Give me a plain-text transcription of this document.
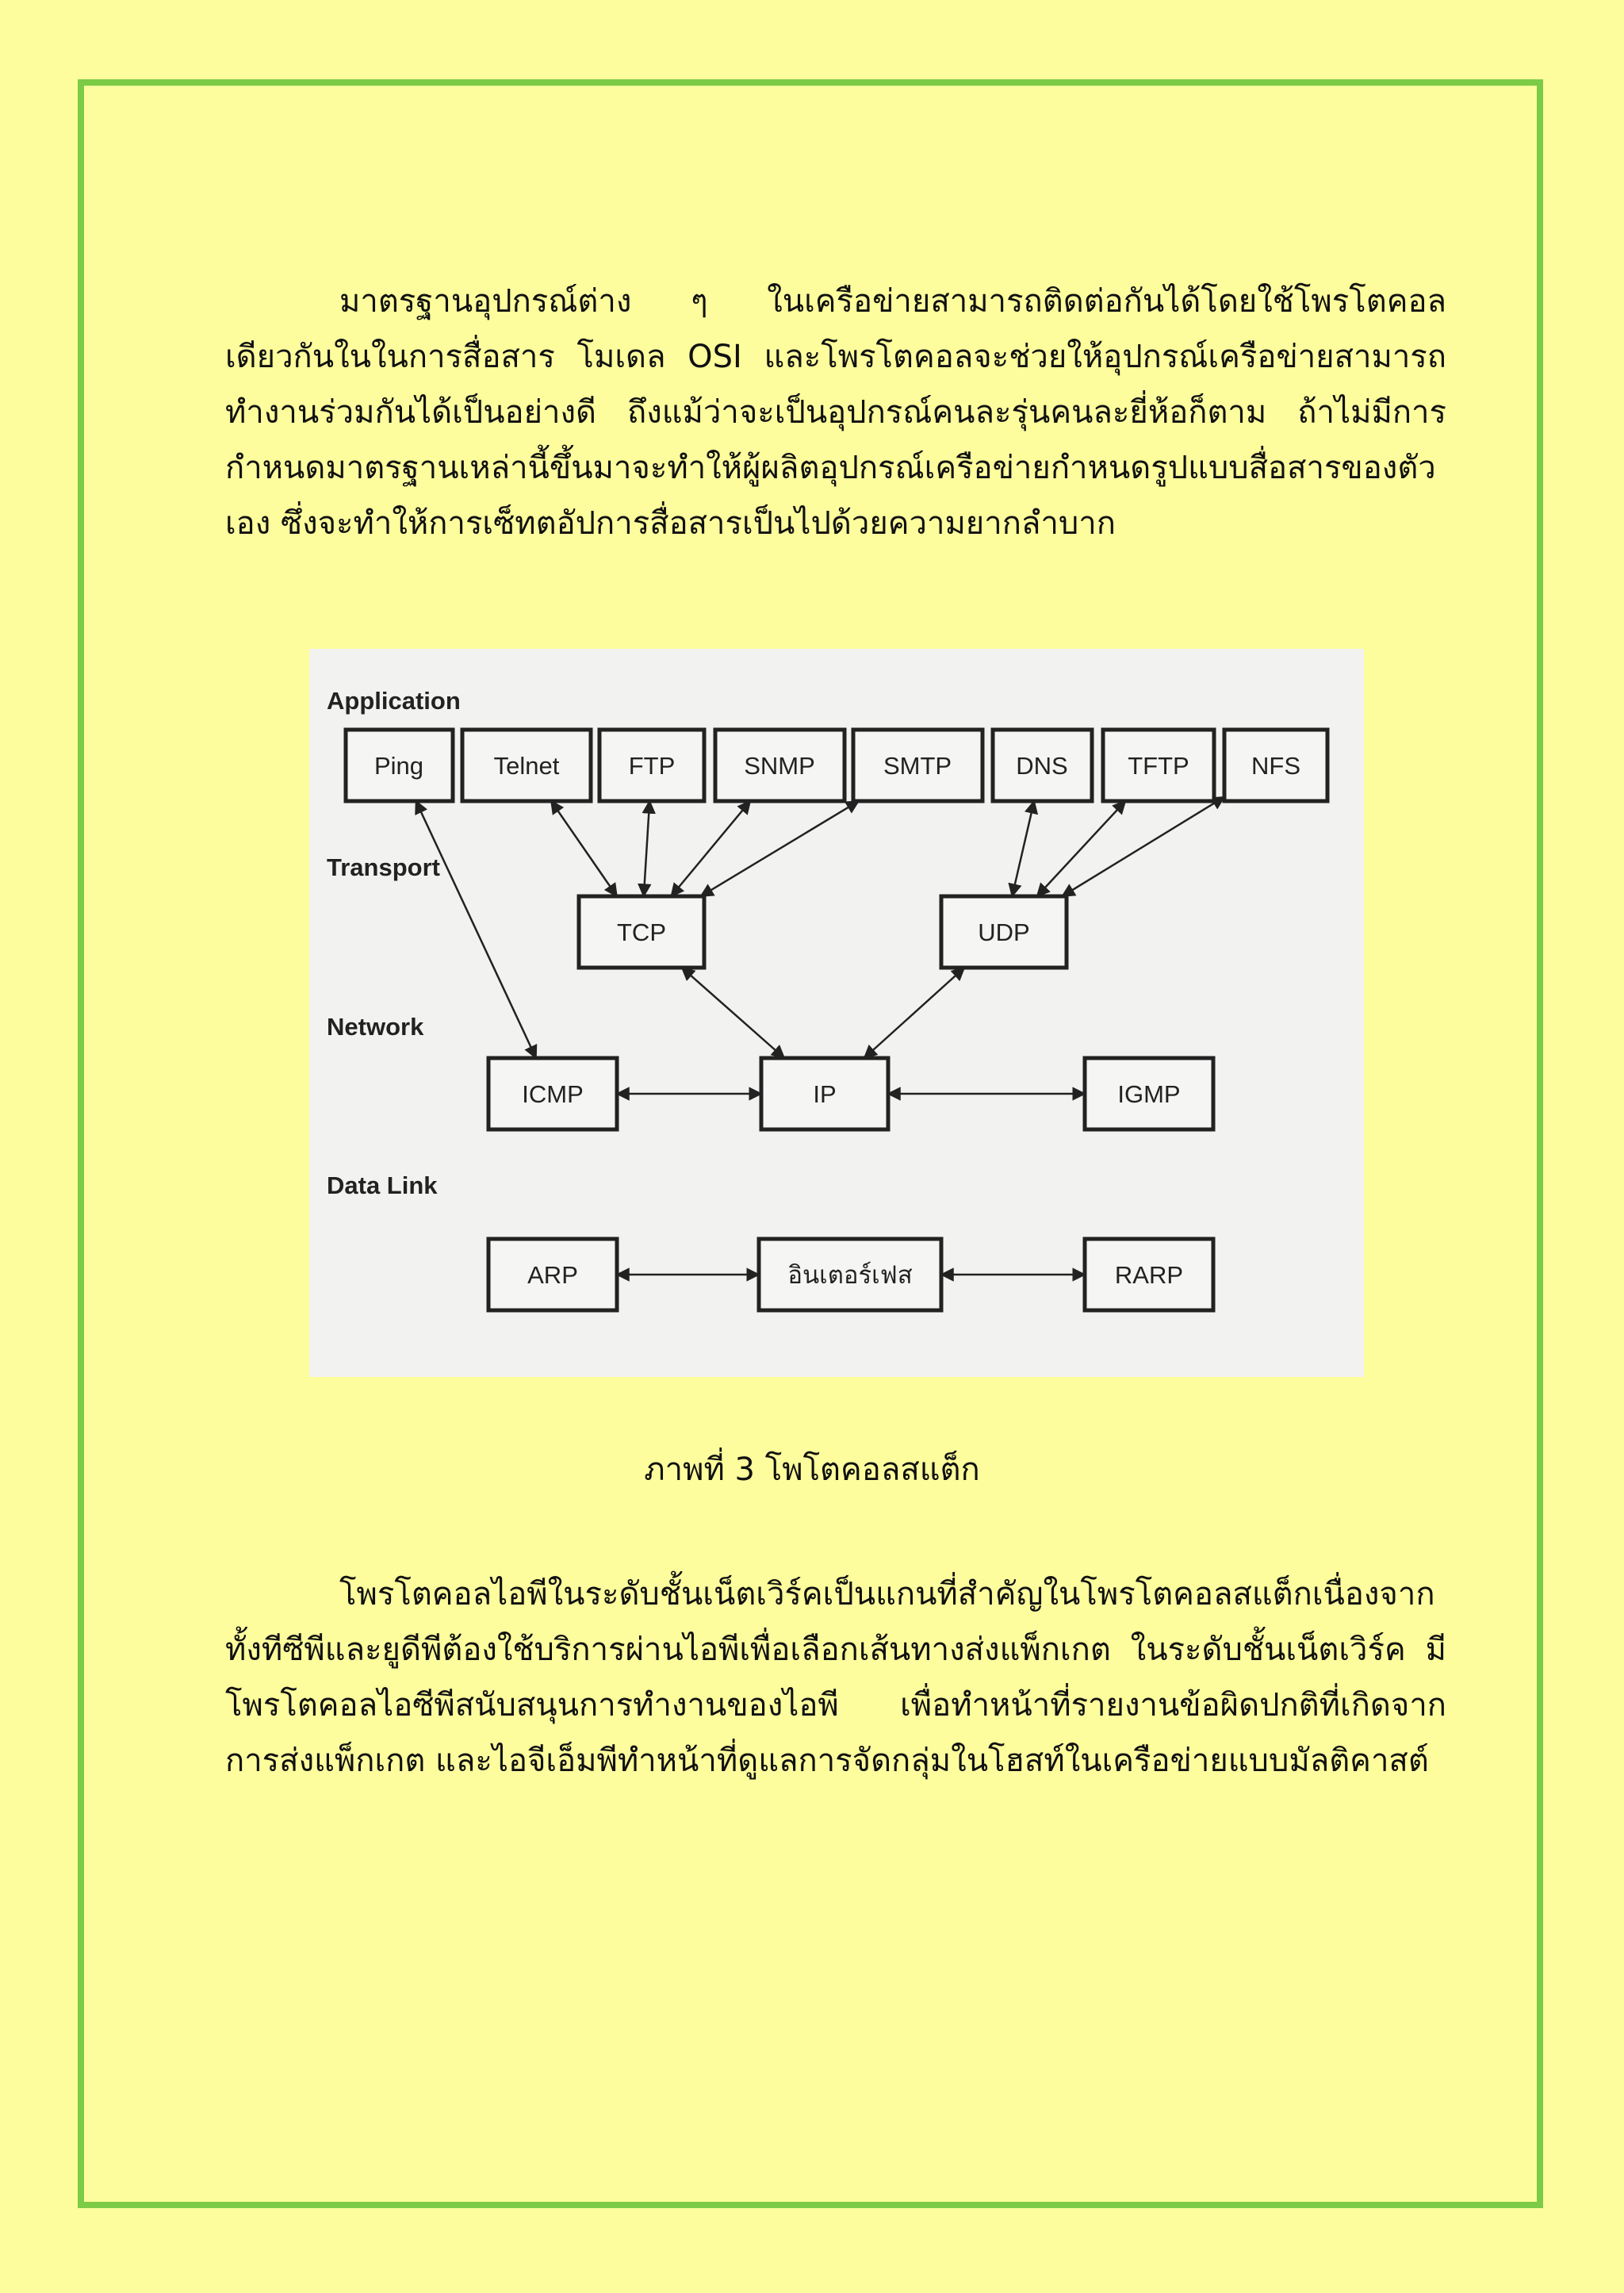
มาตรฐานอุปกรณ์ต่าง ๆ ในเครือข่ายสามารถติดต่อกันได้โดยใช้โพรโตคอลเดียวกันในในการสื่อสาร โมเดล OSI และโพรโตคอลจะช่วยให้อุปกรณ์เครือข่ายสามารถทำงานร่วมกันได้เป็นอย่างดี ถึงแม้ว่าจะเป็นอุปกรณ์คนละรุ่นคนละยี่ห้อก็ตาม ถ้าไม่มีการกำหนดมาตรฐานเหล่านี้ขึ้นมาจะทำให้ผู้ผลิตอุปกรณ์เครือข่ายกำหนดรูปแบบสื่อสารของตัวเอง ซึ่งจะทำให้การเซ็ทตอัปการสื่อสารเป็นไปด้วยความยากลำบาก

Application
Transport
Network
Data Link
Ping	Telnet	FTP	SNMP	SMTP	DNS TFTP	NFS
TCP	UDP
ICMP	IP	IGMP
ARP	อินเตอร์เฟส	RARP

ภาพที่ 3 โพโตคอลสแต็ก

โพรโตคอลไอพีในระดับชั้นเน็ตเวิร์คเป็นแกนที่สำคัญในโพรโตคอลสแต็กเนื่องจากทั้งทีซีพีและยูดีพีต้องใช้บริการผ่านไอพีเพื่อเลือกเส้นทางส่งแพ็กเกต ในระดับชั้นเน็ตเวิร์ค มีโพรโตคอลไอซีพีสนับสนุนการทำงานของไอพี เพื่อทำหน้าที่รายงานข้อผิดปกติที่เกิดจากการส่งแพ็กเกต และไอจีเอ็มพีทำหน้าที่ดูแลการจัดกลุ่มในโฮสท์ในเครือข่ายแบบมัลติคาสต์
